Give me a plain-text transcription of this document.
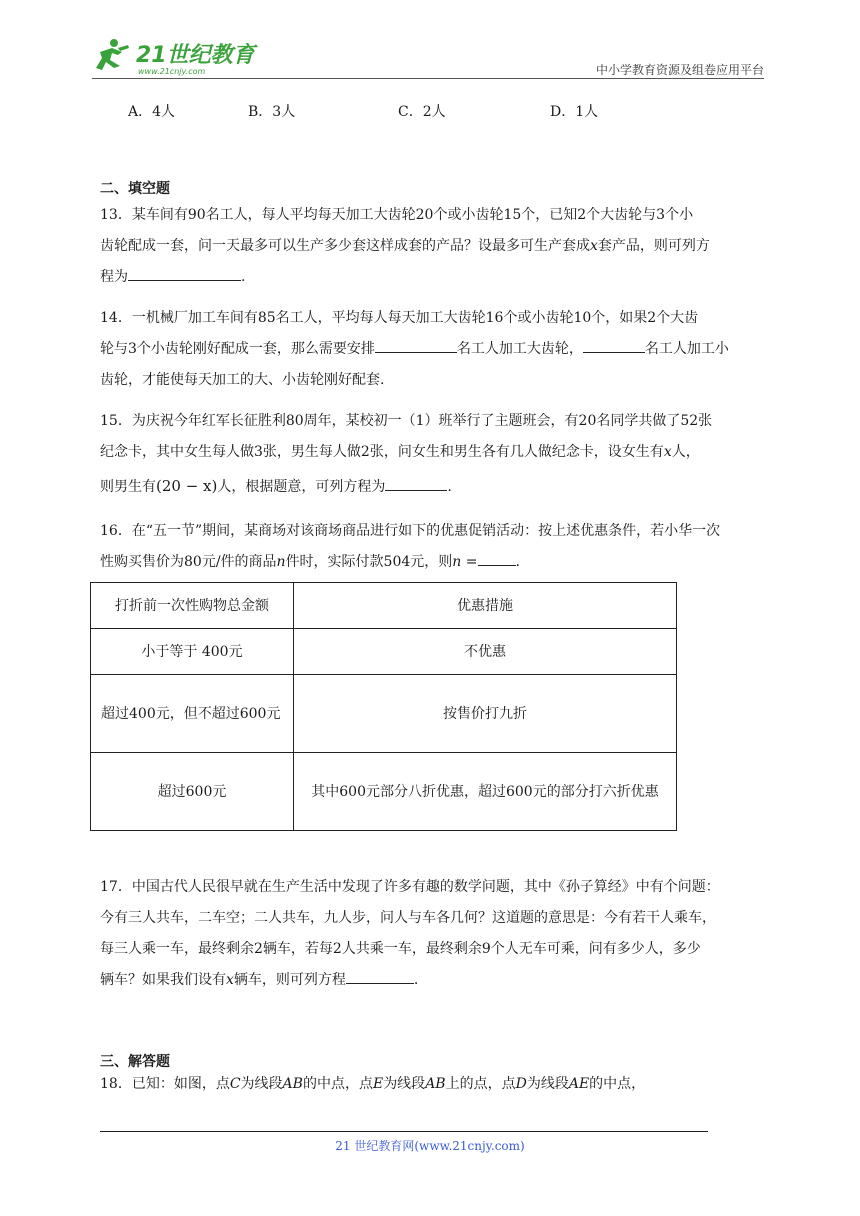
21世纪教育
www.21cnjy.com	中小学教育资源及组卷应用平台
A．4人	B．3人	C．2人	D．1人
二、填空题

13．某车间有90名工人，每人平均每天加工大齿轮20个或小齿轮15个，已知2个大齿轮与3个小

齿轮配成一套，问一天最多可以生产多少套这样成套的产品？设最多可生产套成x套产品，则可列方

程为	.

14．一机械厂加工车间有85名工人，平均每人每天加工大齿轮16个或小齿轮10个，如果2个大齿

轮与3个小齿轮刚好配成一套，那么需要安排	名工人加工大齿轮，	名工人加工小

齿轮，才能使每天加工的大、小齿轮刚好配套.

15．为庆祝今年红军长征胜利80周年，某校初一（1）班举行了主题班会，有20名同学共做了52张

纪念卡，其中女生每人做3张，男生每人做2张，问女生和男生各有几人做纪念卡，设女生有x人，

则男生有(20 − x)人，根据题意，可列方程为	.

16．在“五一节”期间，某商场对该商场商品进行如下的优惠促销活动：按上述优惠条件，若小华一次

性购买售价为80元/件的商品n件时，实际付款504元，则n =	.

打折前一次性购物总金额	优惠措施
小于等于 400元	不优惠
超过400元，但不超过600元	按售价打九折
超过600元	其中600元部分八折优惠，超过600元的部分打六折优惠

17．中国古代人民很早就在生产生活中发现了许多有趣的数学问题，其中《孙子算经》中有个问题：

今有三人共车，二车空；二人共车，九人步，问人与车各几何？这道题的意思是：今有若干人乘车，

每三人乘一车，最终剩余2辆车，若每2人共乘一车，最终剩余9个人无车可乘，问有多少人，多少

辆车？如果我们设有x辆车，则可列方程	.

三、解答题

18．已知：如图，点C为线段AB的中点，点E为线段AB上的点，点D为线段AE的中点，

21 世纪教育网(www.21cnjy.com)
